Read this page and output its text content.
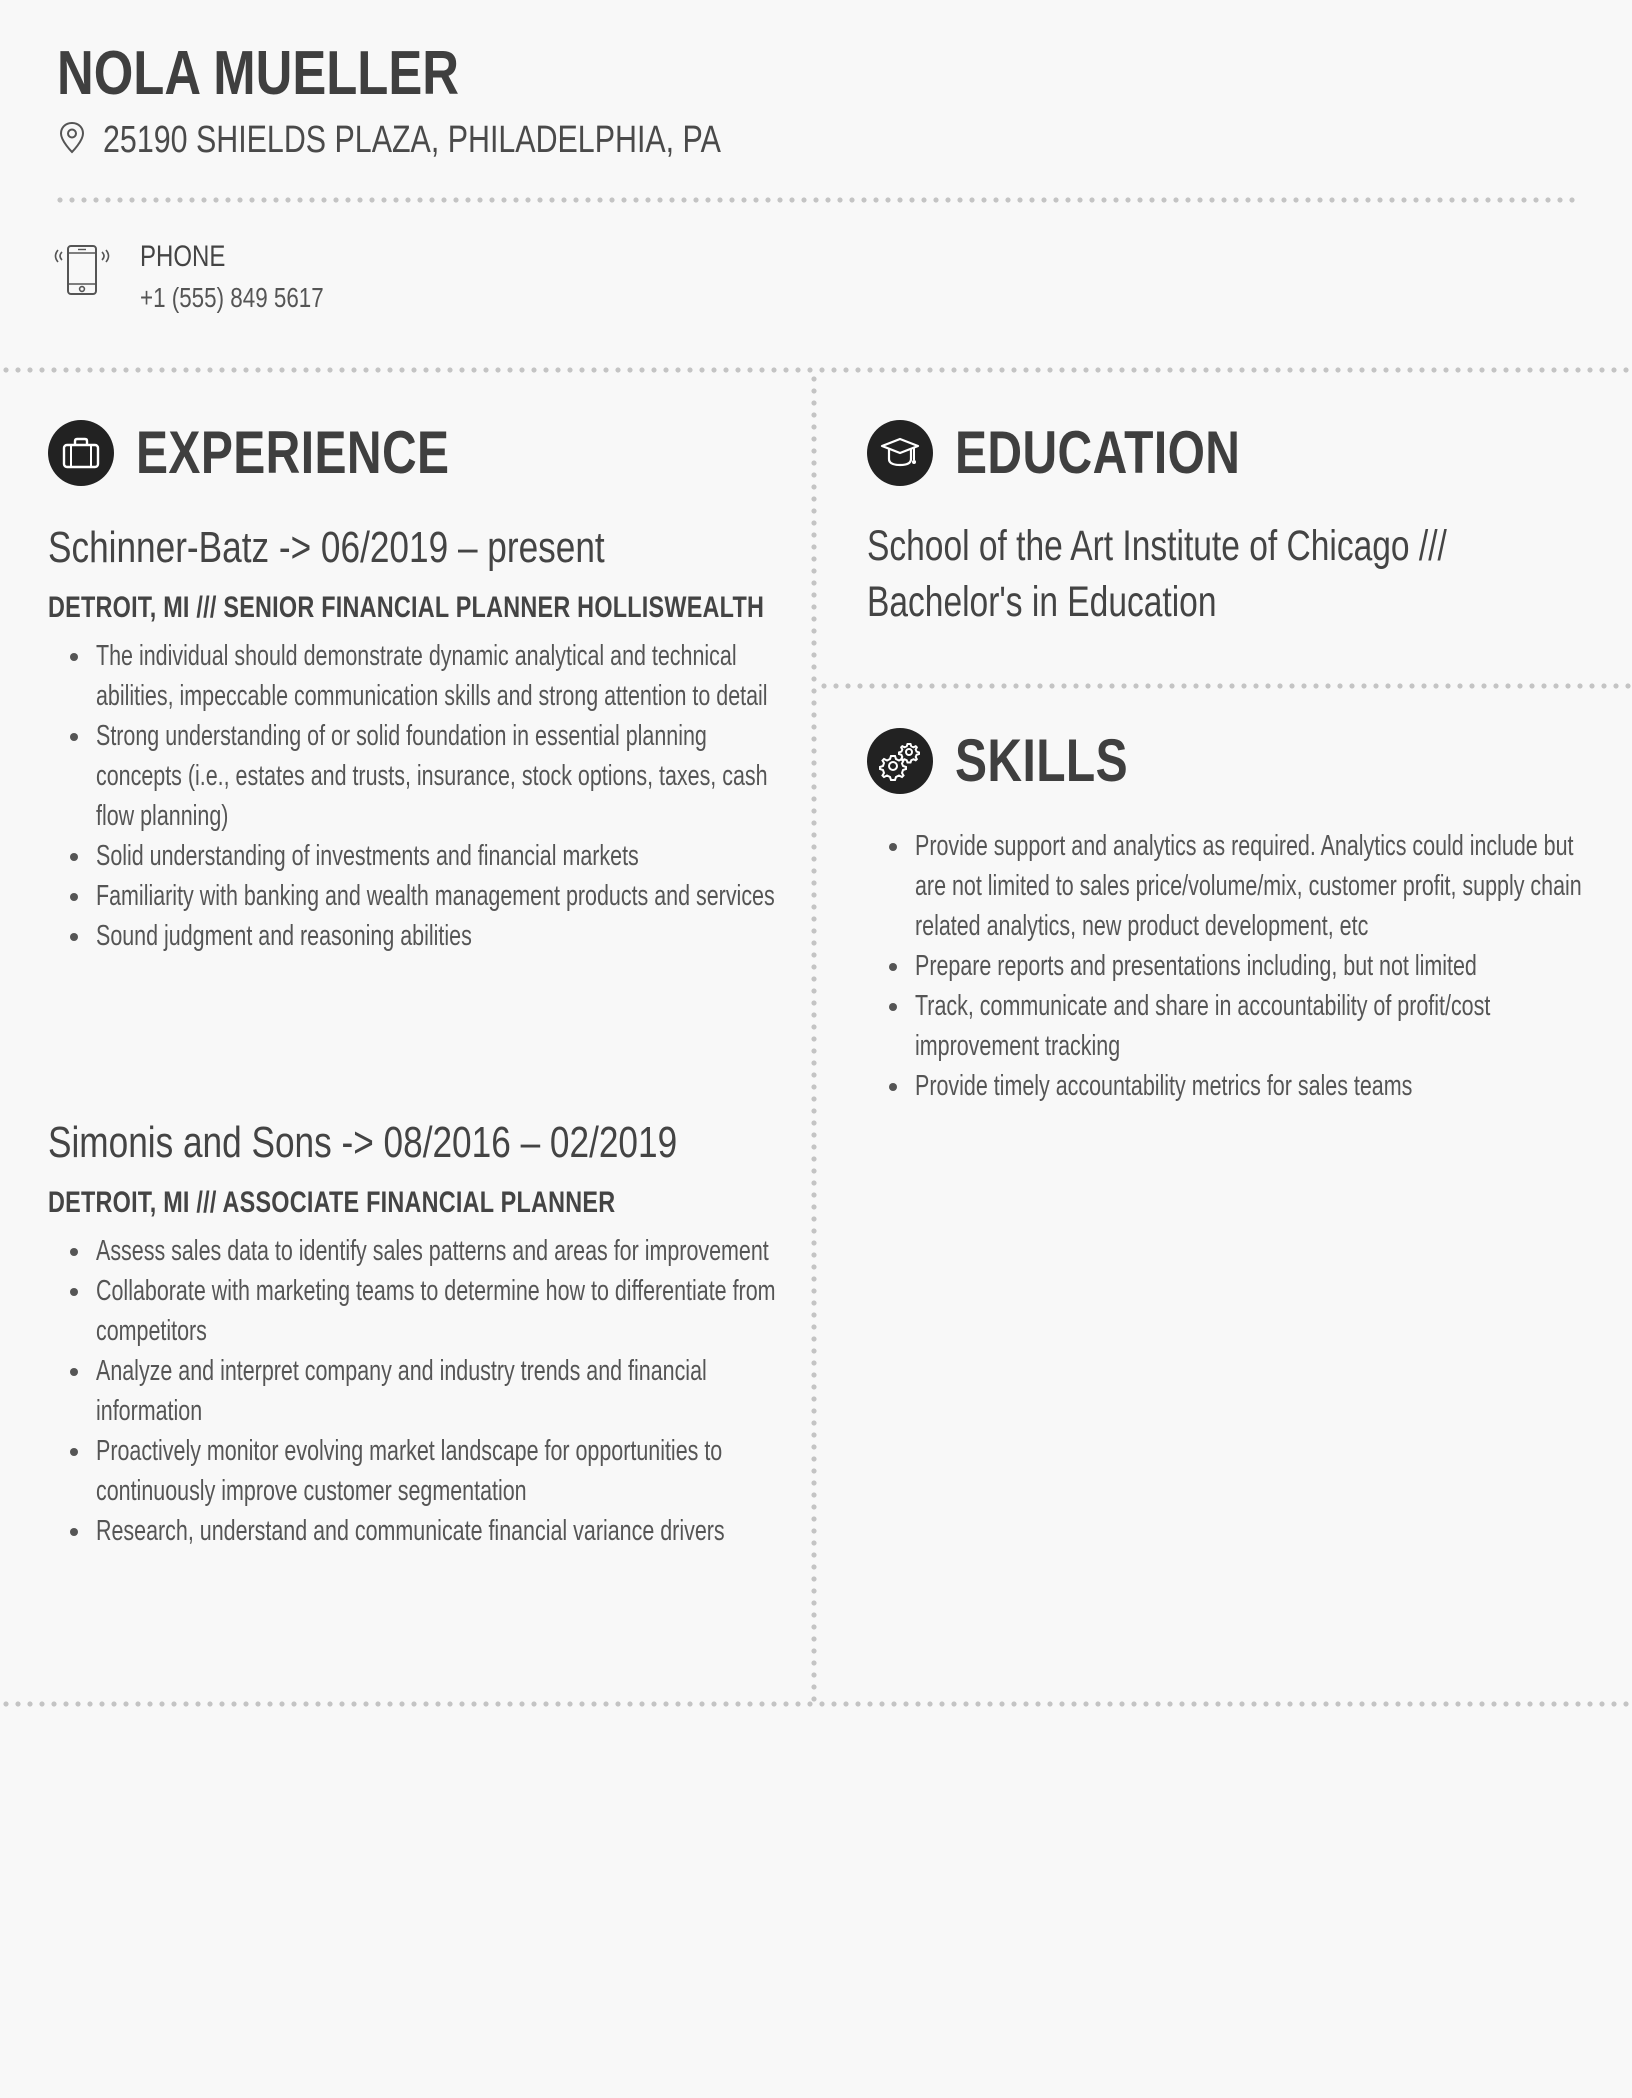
NOLA MUELLER
25190 SHIELDS PLAZA, PHILADELPHIA, PA
PHONE
+1 (555) 849 5617
EXPERIENCE
Schinner-Batz -> 06/2019 – present
DETROIT, MI /// SENIOR FINANCIAL PLANNER HOLLISWEALTH
The individual should demonstrate dynamic analytical and technical abilities, impeccable communication skills and strong attention to detail
Strong understanding of or solid foundation in essential planning concepts (i.e., estates and trusts, insurance, stock options, taxes, cash flow planning)
Solid understanding of investments and financial markets
Familiarity with banking and wealth management products and services
Sound judgment and reasoning abilities
Simonis and Sons -> 08/2016 – 02/2019
DETROIT, MI /// ASSOCIATE FINANCIAL PLANNER
Assess sales data to identify sales patterns and areas for improvement
Collaborate with marketing teams to determine how to differentiate from competitors
Analyze and interpret company and industry trends and financial information
Proactively monitor evolving market landscape for opportunities to continuously improve customer segmentation
Research, understand and communicate financial variance drivers
EDUCATION
School of the Art Institute of Chicago /// Bachelor's in Education
SKILLS
Provide support and analytics as required. Analytics could include but are not limited to sales price/volume/mix, customer profit, supply chain related analytics, new product development, etc
Prepare reports and presentations including, but not limited
Track, communicate and share in accountability of profit/cost improvement tracking
Provide timely accountability metrics for sales teams
